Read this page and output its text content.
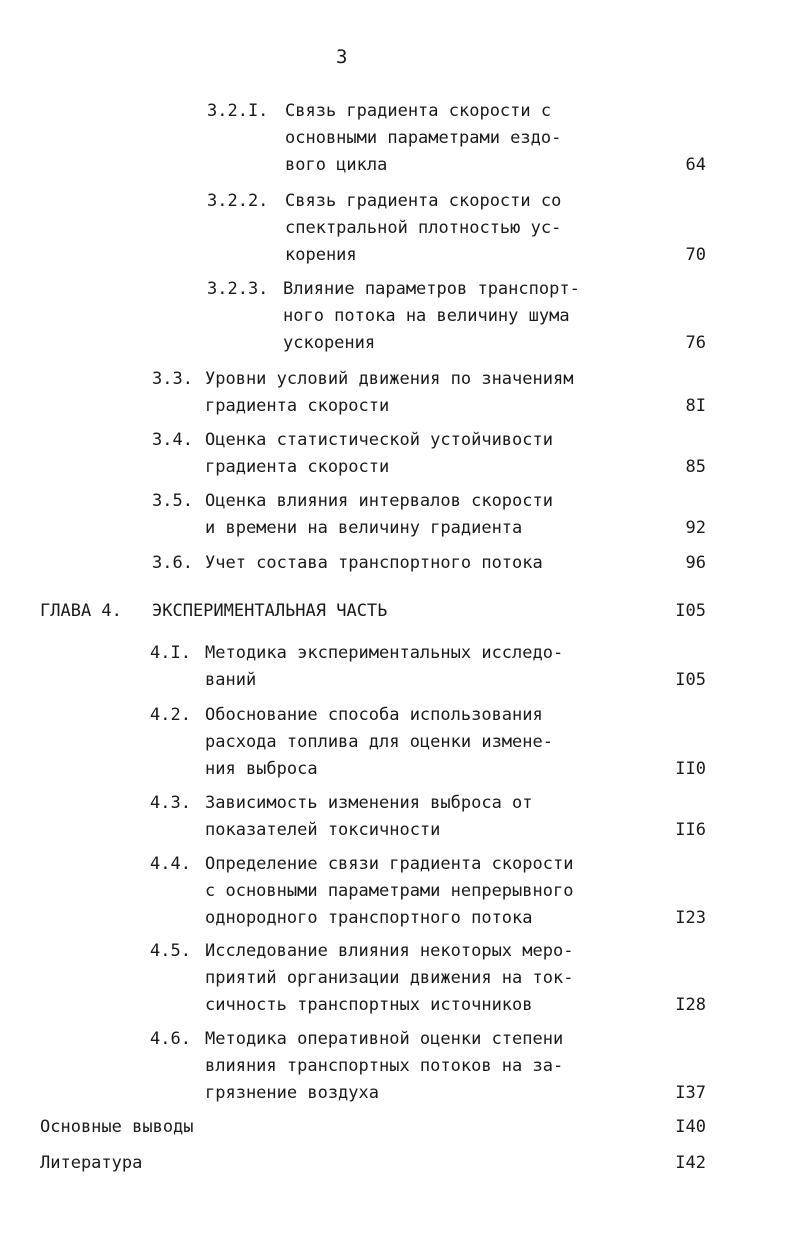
3
3.2.I. Связь градиента скорости с
основными параметрами ездо-
вого цикла	64
3.2.2. Связь градиента скорости со
спектральной плотностью ус-
корения	70
3.2.3. Влияние параметров транспорт-
ного потока на величину шума
ускорения	76
3.3. Уровни условий движения по значениям
градиента скорости	8I
3.4. Оценка статистической устойчивости
градиента скорости	85
3.5. Оценка влияния интервалов скорости
и времени на величину градиента	92
3.6. Учет состава транспортного потока	96
ГЛАВА 4. ЭКСПЕРИМЕНТАЛЬНАЯ ЧАСТЬ	I05
4.I. Методика экспериментальных исследо-
ваний	I05
4.2. Обоснование способа использования
расхода топлива для оценки измене-
ния выброса	II0
4.3. Зависимость изменения выброса от
показателей токсичности	II6
4.4. Определение связи градиента скорости
с основными параметрами непрерывного
однородного транспортного потока	I23
4.5. Исследование влияния некоторых меро-
приятий организации движения на ток-
сичность транспортных источников	I28
4.6. Методика оперативной оценки степени
влияния транспортных потоков на за-
грязнение воздуха	I37
Основные выводы	I40
Литература	I42
